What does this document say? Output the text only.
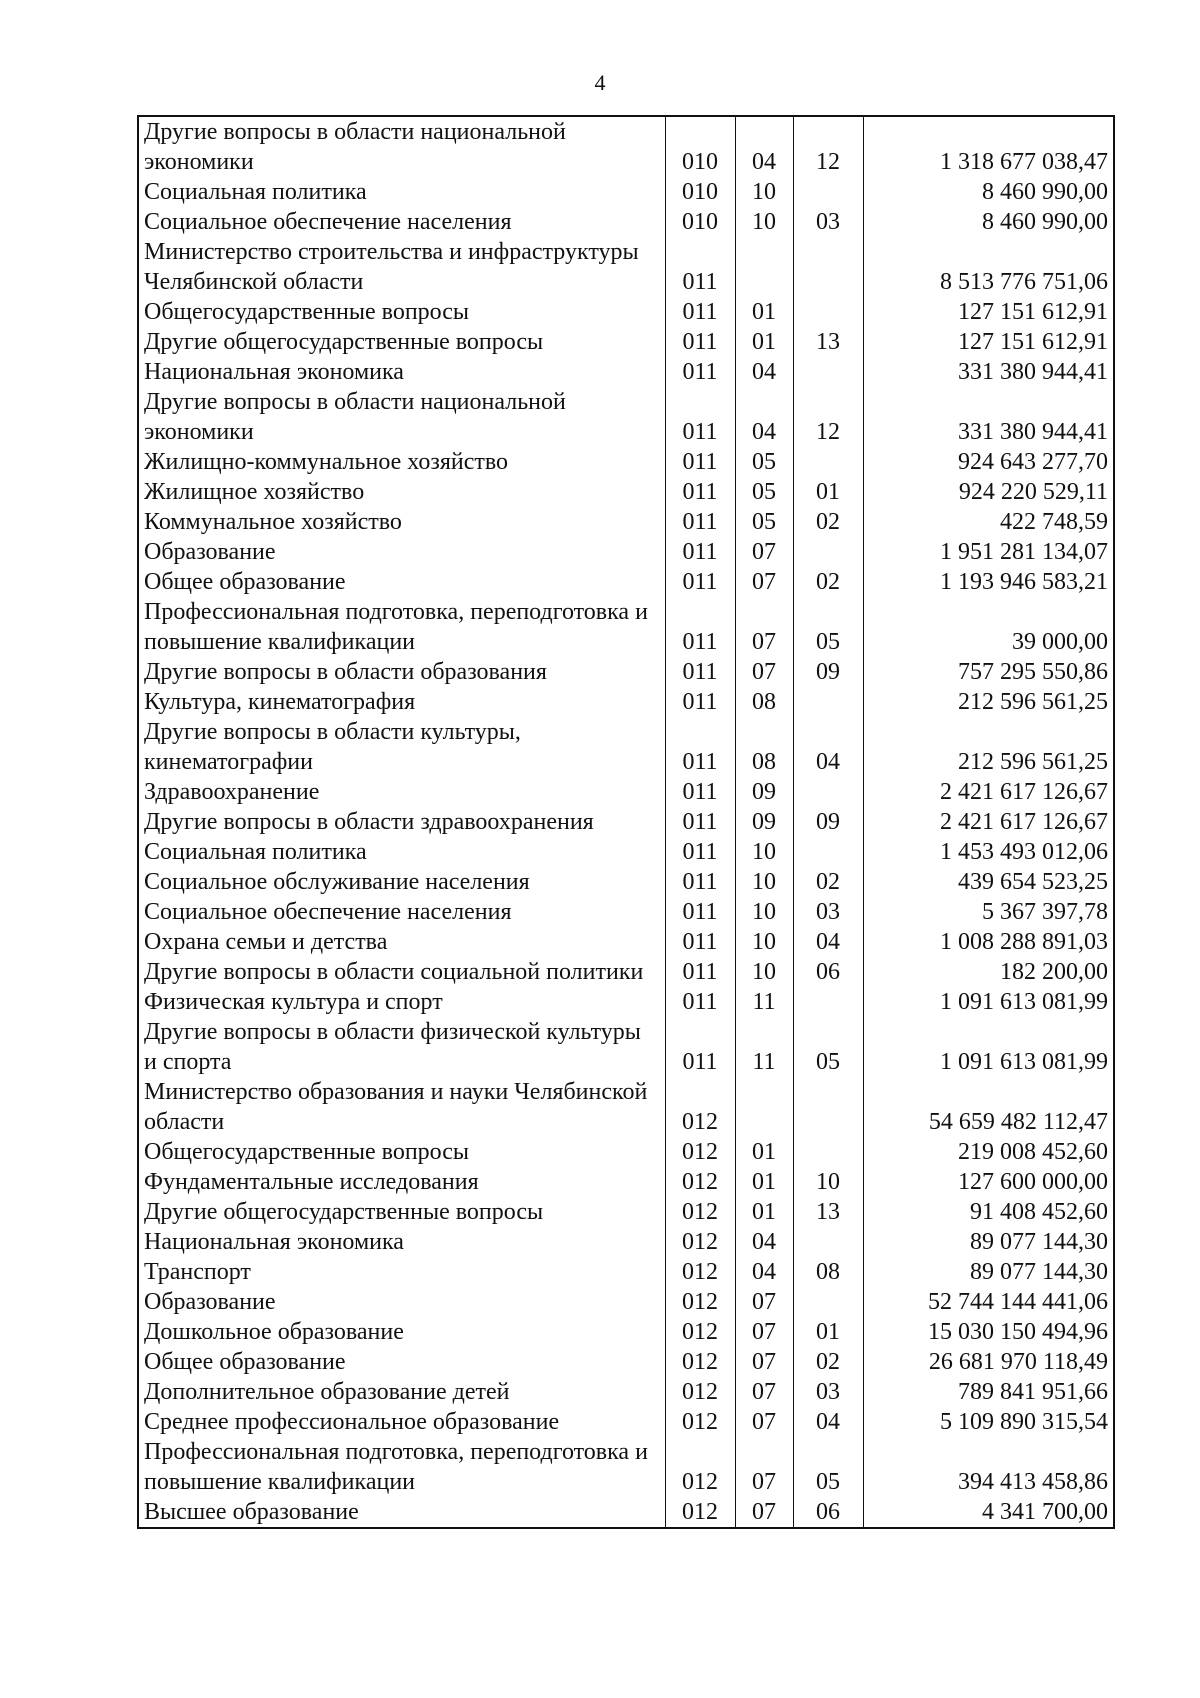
4
Другие вопросы в области национальной экономики	010	04	12	1 318 677 038,47
Социальная политика	010	10		8 460 990,00
Социальное обеспечение населения	010	10	03	8 460 990,00
Министерство строительства и инфраструктуры Челябинской области	011			8 513 776 751,06
Общегосударственные вопросы	011	01		127 151 612,91
Другие общегосударственные вопросы	011	01	13	127 151 612,91
Национальная экономика	011	04		331 380 944,41
Другие вопросы в области национальной экономики	011	04	12	331 380 944,41
Жилищно-коммунальное хозяйство	011	05		924 643 277,70
Жилищное хозяйство	011	05	01	924 220 529,11
Коммунальное хозяйство	011	05	02	422 748,59
Образование	011	07		1 951 281 134,07
Общее образование	011	07	02	1 193 946 583,21
Профессиональная подготовка, переподготовка и повышение квалификации	011	07	05	39 000,00
Другие вопросы в области образования	011	07	09	757 295 550,86
Культура, кинематография	011	08		212 596 561,25
Другие вопросы в области культуры, кинематографии	011	08	04	212 596 561,25
Здравоохранение	011	09		2 421 617 126,67
Другие вопросы в области здравоохранения	011	09	09	2 421 617 126,67
Социальная политика	011	10		1 453 493 012,06
Социальное обслуживание населения	011	10	02	439 654 523,25
Социальное обеспечение населения	011	10	03	5 367 397,78
Охрана семьи и детства	011	10	04	1 008 288 891,03
Другие вопросы в области социальной политики	011	10	06	182 200,00
Физическая культура и спорт	011	11		1 091 613 081,99
Другие вопросы в области физической культуры и спорта	011	11	05	1 091 613 081,99
Министерство образования и науки Челябинской области	012			54 659 482 112,47
Общегосударственные вопросы	012	01		219 008 452,60
Фундаментальные исследования	012	01	10	127 600 000,00
Другие общегосударственные вопросы	012	01	13	91 408 452,60
Национальная экономика	012	04		89 077 144,30
Транспорт	012	04	08	89 077 144,30
Образование	012	07		52 744 144 441,06
Дошкольное образование	012	07	01	15 030 150 494,96
Общее образование	012	07	02	26 681 970 118,49
Дополнительное образование детей	012	07	03	789 841 951,66
Среднее профессиональное образование	012	07	04	5 109 890 315,54
Профессиональная подготовка, переподготовка и повышение квалификации	012	07	05	394 413 458,86
Высшее образование	012	07	06	4 341 700,00
